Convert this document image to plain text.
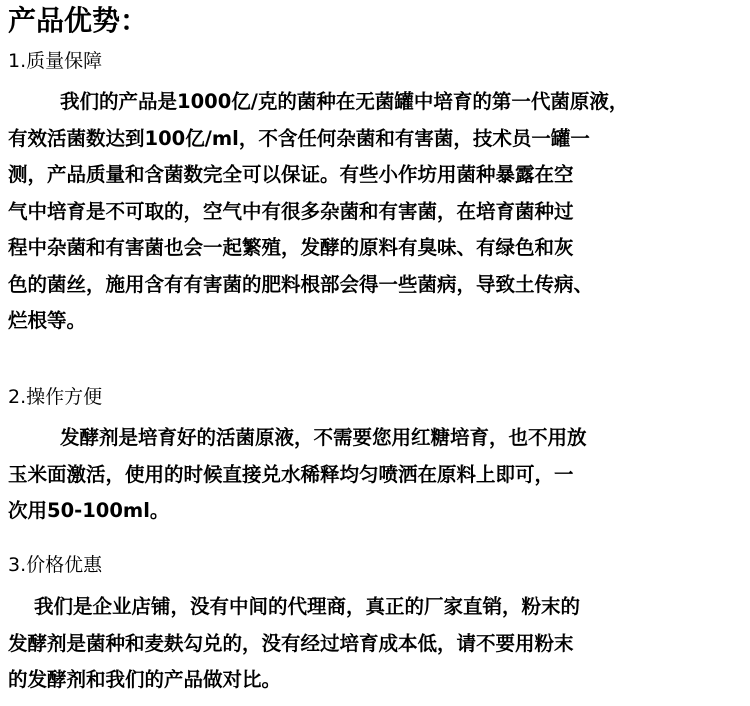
产品优势：
1.质量保障
我们的产品是1000亿/克的菌种在无菌罐中培育的第一代菌原液，
有效活菌数达到100亿/ml，不含任何杂菌和有害菌，技术员一罐一
测，产品质量和含菌数完全可以保证。有些小作坊用菌种暴露在空
气中培育是不可取的，空气中有很多杂菌和有害菌，在培育菌种过
程中杂菌和有害菌也会一起繁殖，发酵的原料有臭味、有绿色和灰
色的菌丝，施用含有有害菌的肥料根部会得一些菌病，导致土传病、
烂根等。
2.操作方便
发酵剂是培育好的活菌原液，不需要您用红糖培育，也不用放
玉米面激活，使用的时候直接兑水稀释均匀喷洒在原料上即可，一
次用50-100ml。
3.价格优惠
我们是企业店铺，没有中间的代理商，真正的厂家直销，粉末的
发酵剂是菌种和麦麸勾兑的，没有经过培育成本低，请不要用粉末
的发酵剂和我们的产品做对比。
